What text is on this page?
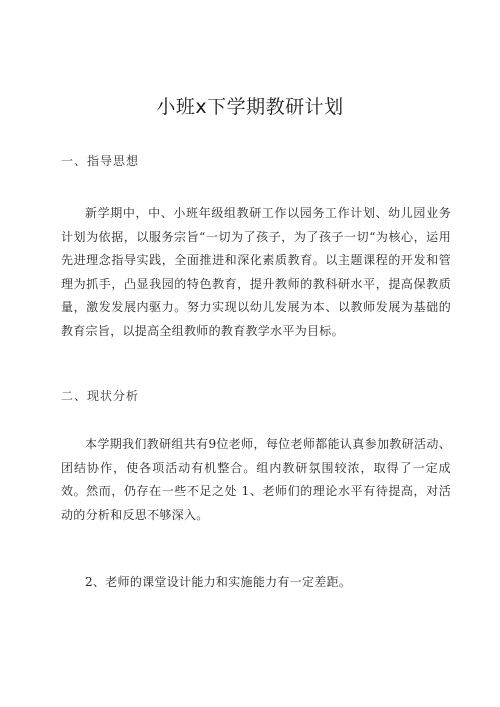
小班x下学期教研计划
一、指导思想
新学期中，中、小班年级组教研工作以园务工作计划、幼儿园业务计划为依据，以服务宗旨“一切为了孩子，为了孩子一切“为核心，运用先进理念指导实践，全面推进和深化素质教育。以主题课程的开发和管理为抓手，凸显我园的特色教育，提升教师的教科研水平，提高保教质量，激发发展内驱力。努力实现以幼儿发展为本、以教师发展为基础的教育宗旨，以提高全组教师的教育教学水平为目标。
二、现状分析
本学期我们教研组共有9位老师，每位老师都能认真参加教研活动、团结协作，使各项活动有机整合。组内教研氛围较浓，取得了一定成效。然而，仍存在一些不足之处 1、老师们的理论水平有待提高，对活动的分析和反思不够深入。
2、老师的课堂设计能力和实施能力有一定差距。
